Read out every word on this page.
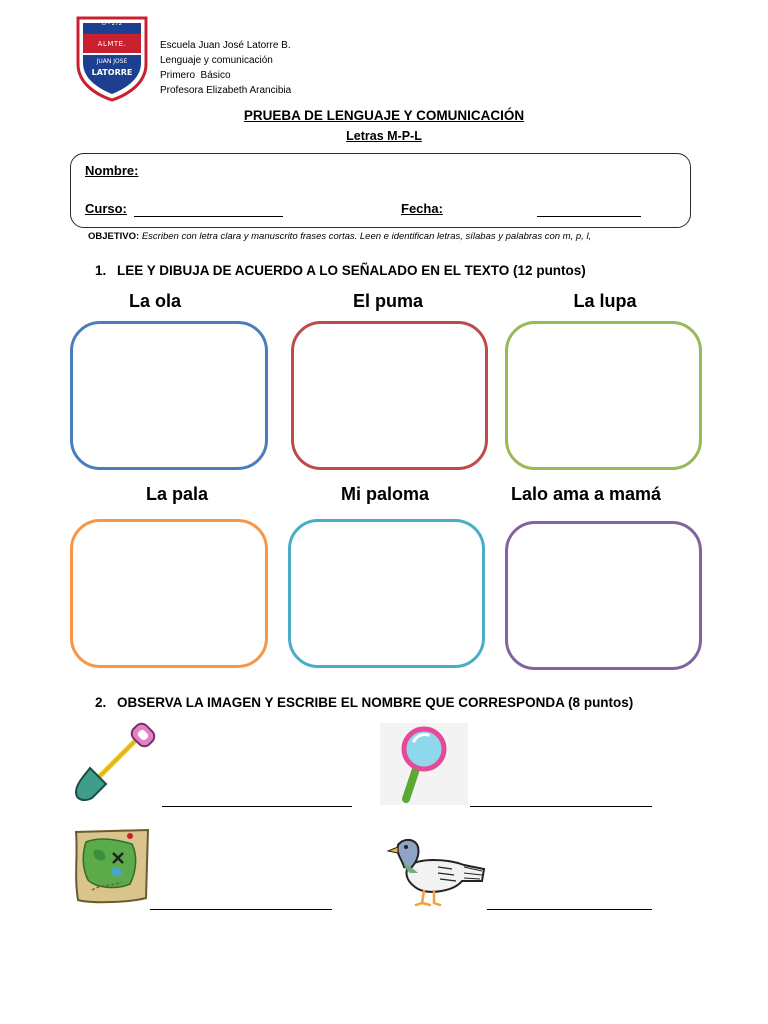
D - 272
ALMTE.
JUAN JOSE
LATORRE
Escuela Juan José Latorre B.
Lenguaje y comunicación
Primero  Básico
Profesora Elizabeth Arancibia
PRUEBA DE LENGUAJE Y COMUNICACIÓN
Letras M-P-L
Nombre:
Curso:	Fecha:
OBJETIVO: Escriben con letra clara y manuscrito frases cortas. Leen e identifican letras, sílabas y palabras con m, p, l,
1. LEE Y DIBUJA DE ACUERDO A LO SEÑALADO EN EL TEXTO (12 puntos)
La ola	El puma	La lupa
La pala	Mi paloma	Lalo ama a mamá
2. OBSERVA LA IMAGEN Y ESCRIBE EL NOMBRE QUE CORRESPONDA (8 puntos)
